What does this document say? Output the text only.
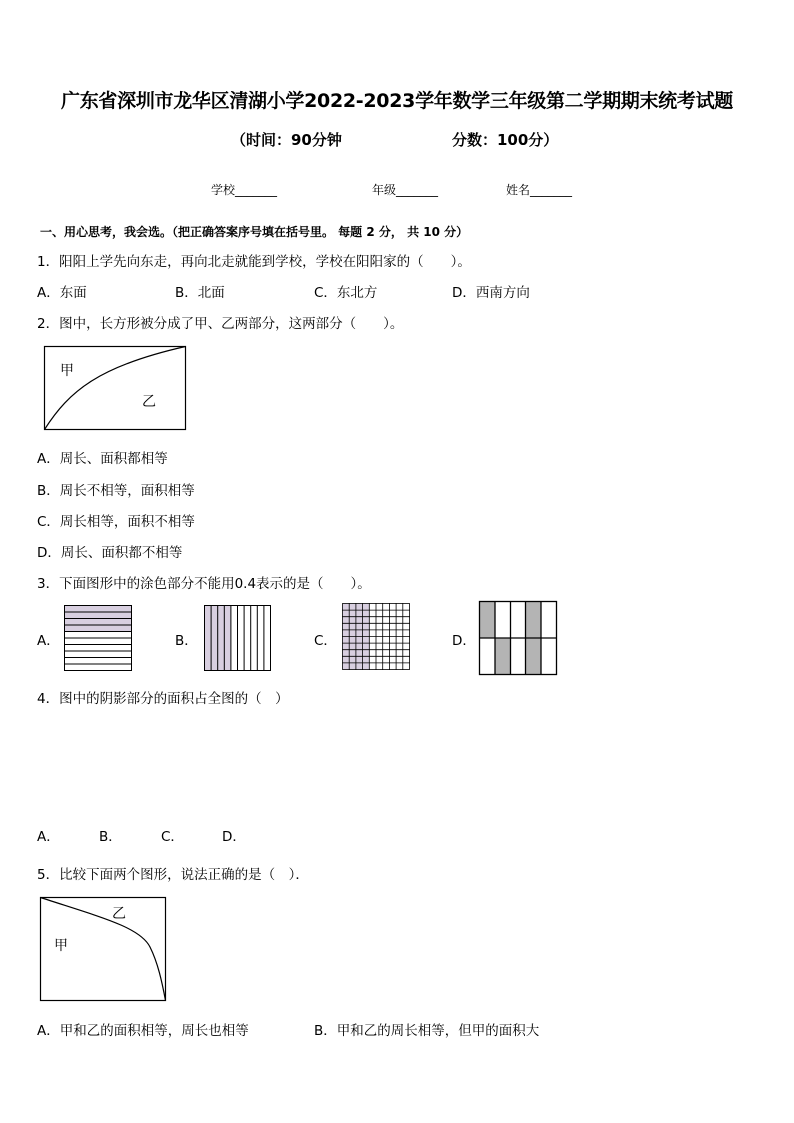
广东省深圳市龙华区清湖小学2022-2023学年数学三年级第二学期期末统考试题
（时间：90分钟	分数：100分）
学校_______	年级_______	姓名_______
一、用心思考，我会选。（把正确答案序号填在括号里。 每题 2 分， 共 10 分）
1．阳阳上学先向东走，再向北走就能到学校，学校在阳阳家的（　　）。
A．东面	B．北面	C．东北方	D．西南方向
2．图中，长方形被分成了甲、乙两部分，这两部分（　　）。
甲
乙
A．周长、面积都相等
B．周长不相等，面积相等
C．周长相等，面积不相等
D．周长、面积都不相等
3．下面图形中的涂色部分不能用0.4表示的是（　　）。
A．	B．	C．	D．
4．图中的阴影部分的面积占全图的（　）
A．	B．	C．	D．
5．比较下面两个图形，说法正确的是（　）．
乙
甲
A．甲和乙的面积相等，周长也相等	B．甲和乙的周长相等，但甲的面积大
